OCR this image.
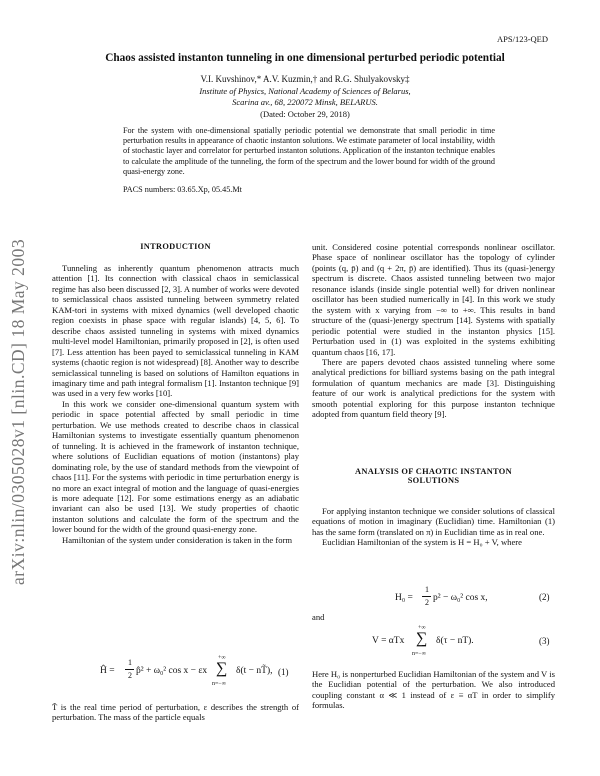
APS/123-QED
arXiv:nlin/0305028v1 [nlin.CD] 18 May 2003
Chaos assisted instanton tunneling in one dimensional perturbed periodic potential
V.I. Kuvshinov,* A.V. Kuzmin,† and R.G. Shulyakovsky‡
Institute of Physics, National Academy of Sciences of Belarus,
Scarina av., 68, 220072 Minsk, BELARUS.
(Dated: October 29, 2018)
For the system with one-dimensional spatially periodic potential we demonstrate that small periodic in time perturbation results in appearance of chaotic instanton solutions. We estimate parameter of local instability, width of stochastic layer and correlator for perturbed instanton solutions. Application of the instanton technique enables to calculate the amplitude of the tunneling, the form of the spectrum and the lower bound for width of the ground quasi-energy zone.
PACS numbers: 03.65.Xp, 05.45.Mt
INTRODUCTION

Tunneling as inherently quantum phenomenon attracts much attention [1]. Its connection with classical chaos in semiclassical regime has also been discussed [2, 3]. A number of works were devoted to semiclassical chaos assisted tunneling between symmetry related KAM-tori in systems with mixed dynamics (well developed chaotic region coexists in phase space with regular islands) [4, 5, 6]. To describe chaos assisted tunneling in systems with mixed dynamics multi-level model Hamiltonian, primarily proposed in [2], is often used [7]. Less attention has been payed to semiclassical tunneling in KAM systems (chaotic region is not widespread) [8]. Another way to describe semiclassical tunneling is based on solutions of Hamilton equations in imaginary time and path integral formalism [1]. Instanton technique [9] was used in a very few works [10].

In this work we consider one-dimensional quantum system with periodic in space potential affected by small periodic in time perturbation. We use methods created to describe chaos in classical Hamiltonian systems to investigate essentially quantum phenomenon of tunneling. It is achieved in the framework of instanton technique, where solutions of Euclidian equations of motion (instantons) play dominating role, by the use of standard methods from the viewpoint of chaos [11]. For the systems with periodic in time perturbation energy is no more an exact integral of motion and the language of quasi-energies is more adequate [12]. For some estimations energy as an adiabatic invariant can also be used [13]. We study properties of chaotic instanton solutions and calculate the form of the spectrum and the lower bound for the width of the ground quasi-energy zone.

Hamiltonian of the system under consideration is taken in the form

Ĥ =
1
2 p̂² + ω₀² cos x − εx
+∞
∑
n=−∞
δ(t − nT̃), (1)

T̃ is the real time period of perturbation, ε describes the strength of perturbation. The mass of the particle equals

unit. Considered cosine potential corresponds nonlinear oscillator. Phase space of nonlinear oscillator has the topology of cylinder (points (q, p̄) and (q + 2π, p̄) are identified). Thus its (quasi-)energy spectrum is discrete. Chaos assisted tunneling between two major resonance islands (inside single potential well) for driven nonlinear oscillator has been studied numerically in [4]. In this work we study the system with x varying from −∞ to +∞. This results in band structure of the (quasi-)energy spectrum [14]. Systems with spatially periodic potential were studied in the instanton physics [15]. Perturbation used in (1) was exploited in the systems exhibiting quantum chaos [16, 17].

There are papers devoted chaos assisted tunneling where some analytical predictions for billiard systems basing on the path integral formulation of quantum mechanics are made [3]. Distinguishing feature of our work is analytical predictions for the system with smooth potential exploring for this purpose instanton technique adopted from quantum field theory [9].

ANALYSIS OF CHAOTIC INSTANTON
SOLUTIONS

For applying instanton technique we consider solutions of classical equations of motion in imaginary (Euclidian) time. Hamiltonian (1) has the same form (translated on π) in Euclidian time as in real one.

Euclidian Hamiltonian of the system is H = H₀ + V, where

H₀ =
1
2 p² − ω₀² cos x,	(2)

and

V = αTx
+∞
∑
n=−∞
δ(τ − nT).	(3)

Here H₀ is nonperturbed Euclidian Hamiltonian of the system and V is the Euclidian potential of the perturbation. We also introduced coupling constant α ≪ 1 instead of ε ≡ αT in order to simplify formulas.
